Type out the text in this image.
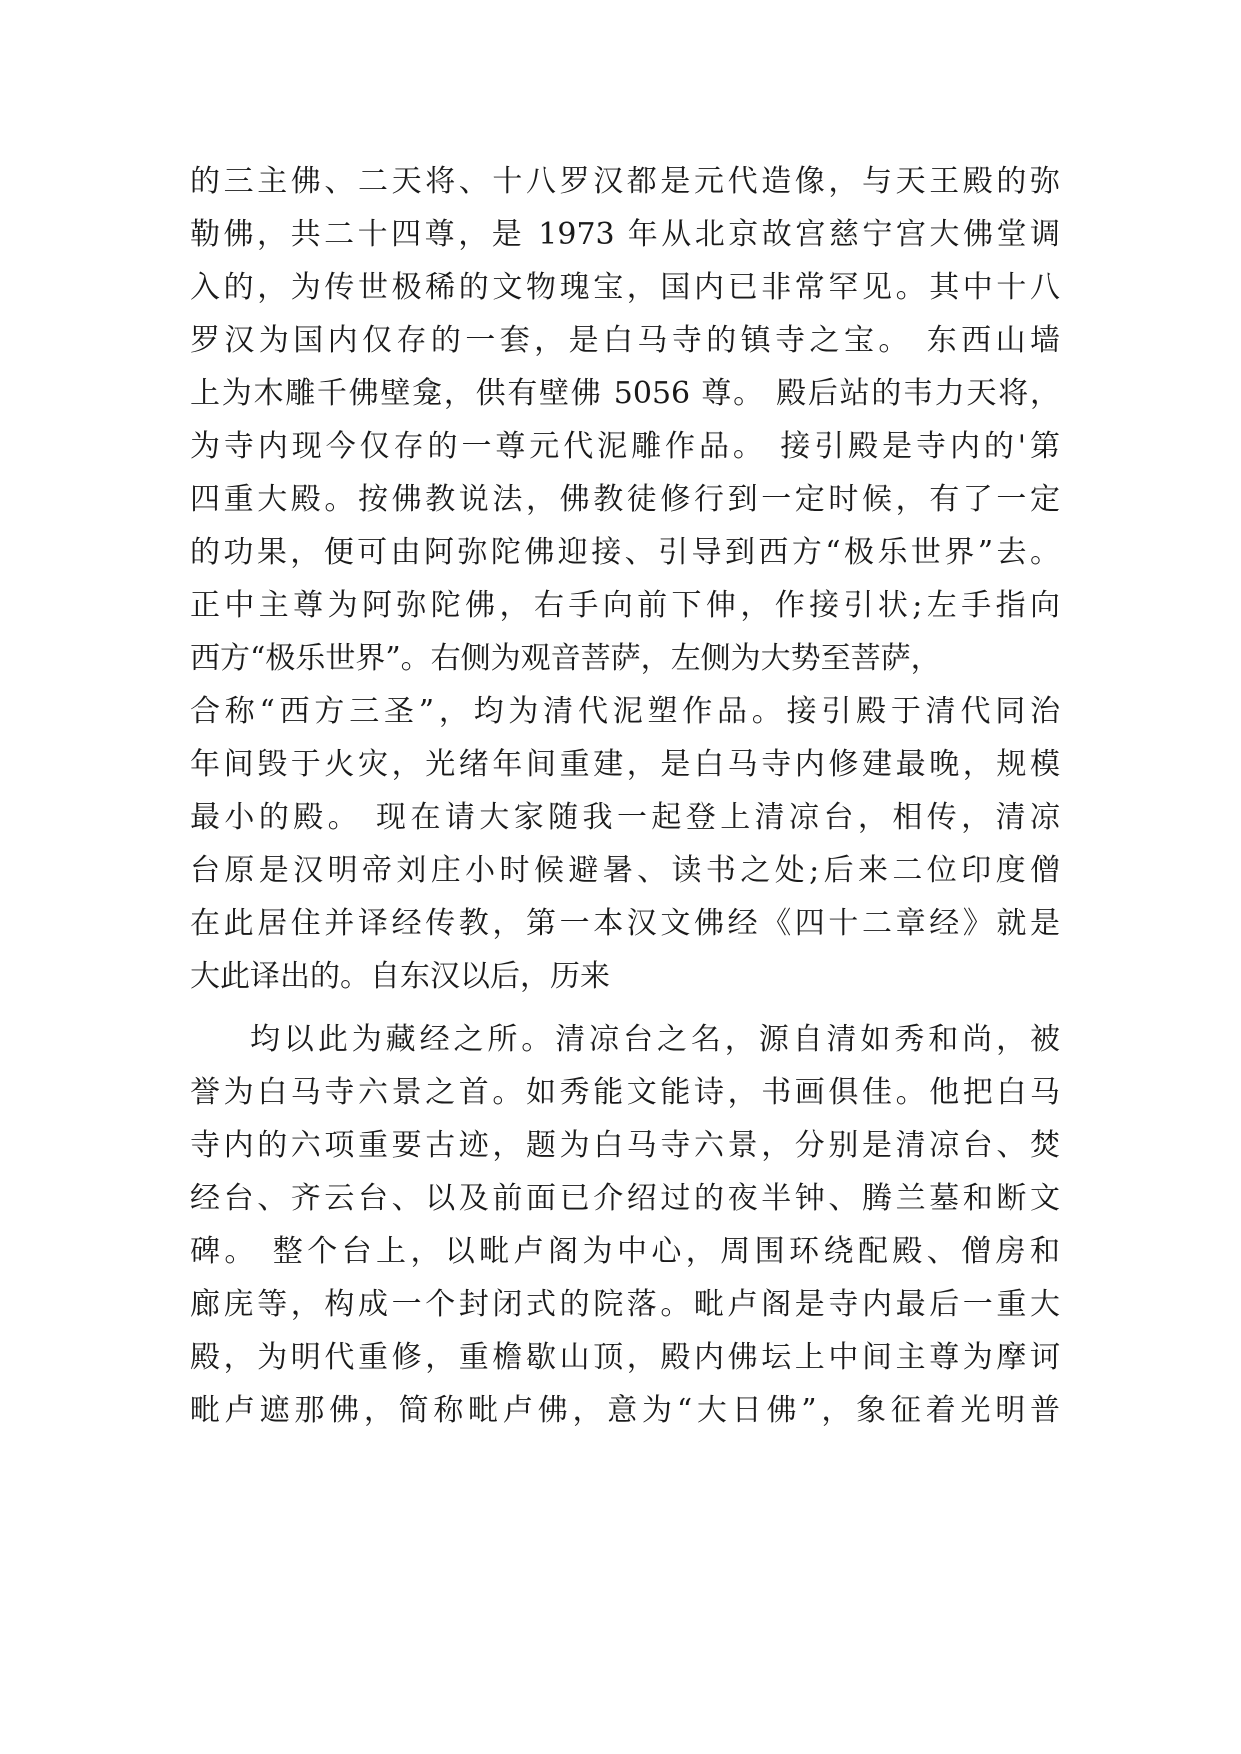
的三主佛、二天将、十八罗汉都是元代造像，与天王殿的弥
勒佛，共二十四尊，是 1973 年从北京故宫慈宁宫大佛堂调
入的，为传世极稀的文物瑰宝，国内已非常罕见。其中十八
罗汉为国内仅存的一套，是白马寺的镇寺之宝。 东西山墙
上为木雕千佛壁龛，供有壁佛 5056 尊。 殿后站的韦力天将，
为寺内现今仅存的一尊元代泥雕作品。 接引殿是寺内的'第
四重大殿。按佛教说法，佛教徒修行到一定时候，有了一定
的功果，便可由阿弥陀佛迎接、引导到西方“极乐世界”去。
正中主尊为阿弥陀佛，右手向前下伸，作接引状;左手指向
西方“极乐世界”。右侧为观音菩萨，左侧为大势至菩萨，
合称“西方三圣”，均为清代泥塑作品。接引殿于清代同治
年间毁于火灾，光绪年间重建，是白马寺内修建最晚，规模
最小的殿。 现在请大家随我一起登上清凉台，相传，清凉
台原是汉明帝刘庄小时候避暑、读书之处;后来二位印度僧
在此居住并译经传教，第一本汉文佛经《四十二章经》就是
大此译出的。自东汉以后，历来
均以此为藏经之所。清凉台之名，源自清如秀和尚，被
誉为白马寺六景之首。如秀能文能诗，书画俱佳。他把白马
寺内的六项重要古迹，题为白马寺六景，分别是清凉台、焚
经台、齐云台、以及前面已介绍过的夜半钟、腾兰墓和断文
碑。 整个台上，以毗卢阁为中心，周围环绕配殿、僧房和
廊庑等，构成一个封闭式的院落。毗卢阁是寺内最后一重大
殿，为明代重修，重檐歇山顶，殿内佛坛上中间主尊为摩诃
毗卢遮那佛，简称毗卢佛，意为“大日佛”，象征着光明普
